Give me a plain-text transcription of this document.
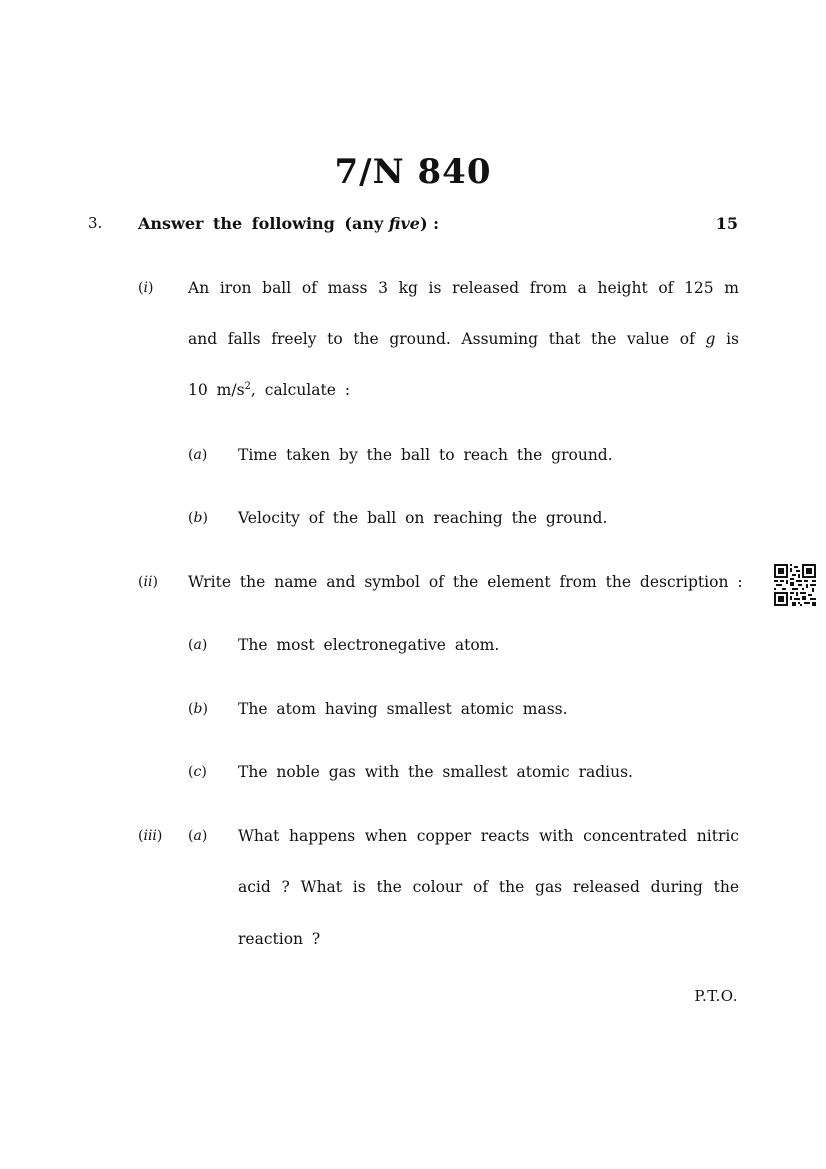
7/N 840
3. Answer the following (any five) :	15
(i) An iron ball of mass 3 kg is released from a height of 125 m
and falls freely to the ground. Assuming that the value of g is
10 $m/s^2$, calculate :
(a) Time taken by the ball to reach the ground.
(b) Velocity of the ball on reaching the ground.
(ii) Write the name and symbol of the element from the description :
(a) The most electronegative atom.
(b) The atom having smallest atomic mass.
(c) The noble gas with the smallest atomic radius.
(iii) (a) What happens when copper reacts with concentrated nitric
acid ? What is the colour of the gas released during the
reaction ?
P.T.O.
